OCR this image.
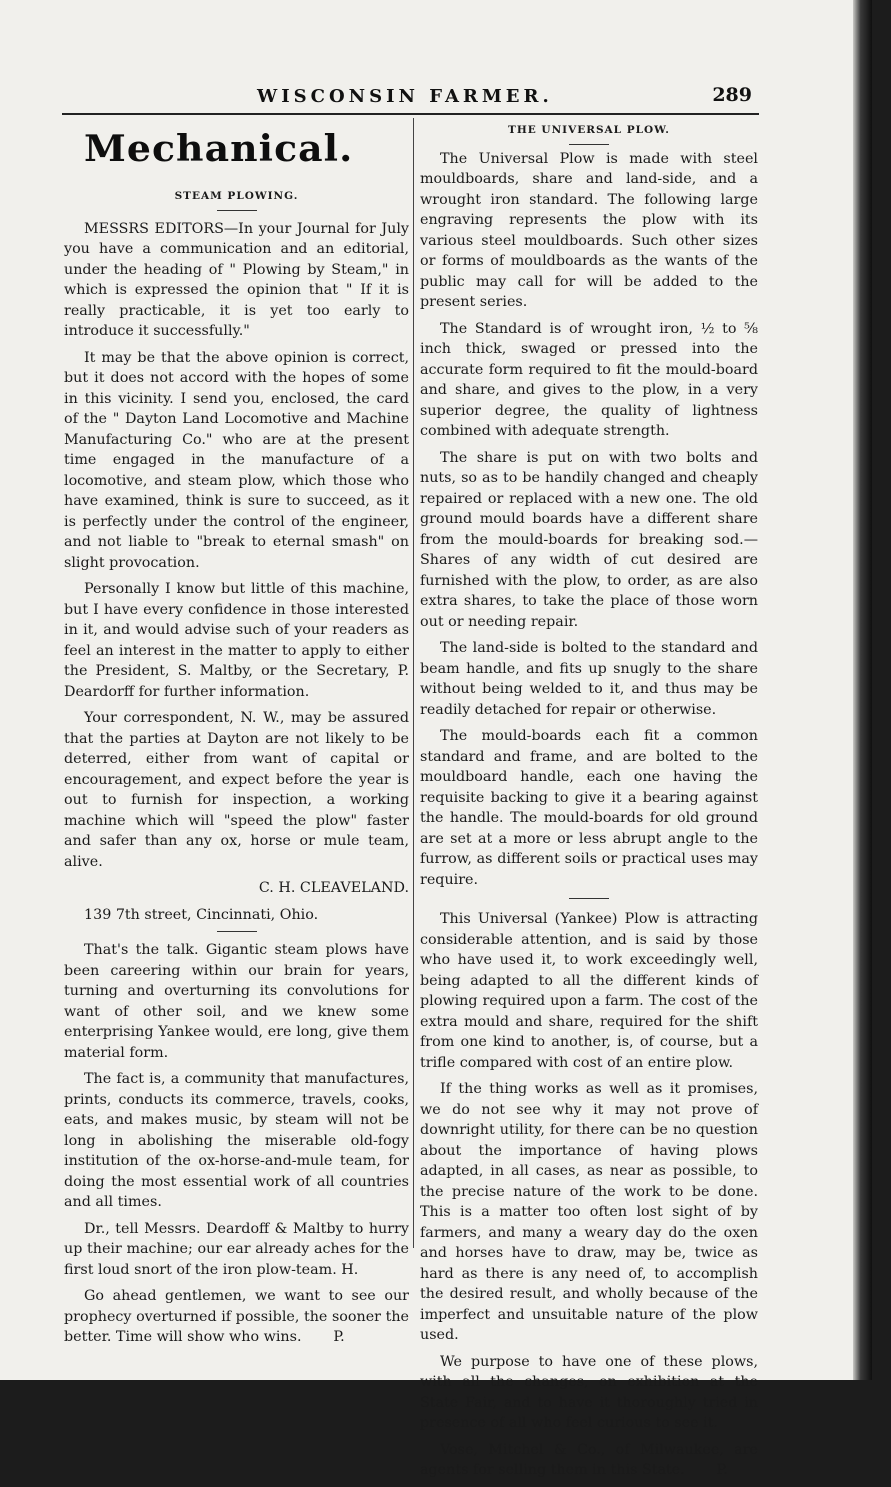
WISCONSIN FARMER.	289
Mechanical.
STEAM PLOWING.

MESSRS EDITORS—In your Journal for July you have a communication and an editorial, under the heading of " Plowing by Steam," in which is expressed the opinion that " If it is really practicable, it is yet too early to introduce it successfully."

It may be that the above opinion is correct, but it does not accord with the hopes of some in this vicinity. I send you, enclosed, the card of the " Dayton Land Locomotive and Machine Manufacturing Co." who are at the present time engaged in the manufacture of a locomotive, and steam plow, which those who have examined, think is sure to succeed, as it is perfectly under the control of the engineer, and not liable to "break to eternal smash" on slight provocation.

Personally I know but little of this machine, but I have every confidence in those interested in it, and would advise such of your readers as feel an interest in the matter to apply to either the President, S. Maltby, or the Secretary, P. Deardorff for further information.

Your correspondent, N. W., may be assured that the parties at Dayton are not likely to be deterred, either from want of capital or encouragement, and expect before the year is out to furnish for inspection, a working machine which will "speed the plow" faster and safer than any ox, horse or mule team, alive.

C. H. CLEAVELAND.

139 7th street, Cincinnati, Ohio.

That's the talk. Gigantic steam plows have been careering within our brain for years, turning and overturning its convolutions for want of other soil, and we knew some enterprising Yankee would, ere long, give them material form.

The fact is, a community that manufactures, prints, conducts its commerce, travels, cooks, eats, and makes music, by steam will not be long in abolishing the miserable old-fogy institution of the ox-horse-and-mule team, for doing the most essential work of all countries and all times.

Dr., tell Messrs. Deardoff & Maltby to hurry up their machine; our ear already aches for the first loud snort of the iron plow-team. H.

Go ahead gentlemen, we want to see our prophecy overturned if possible, the sooner the better. Time will show who wins. P.

THE UNIVERSAL PLOW.

The Universal Plow is made with steel mouldboards, share and land-side, and a wrought iron standard. The following large engraving represents the plow with its various steel mouldboards. Such other sizes or forms of mouldboards as the wants of the public may call for will be added to the present series.

The Standard is of wrought iron, ½ to ⅝ inch thick, swaged or pressed into the accurate form required to fit the mould-board and share, and gives to the plow, in a very superior degree, the quality of lightness combined with adequate strength.

The share is put on with two bolts and nuts, so as to be handily changed and cheaply repaired or replaced with a new one. The old ground mould boards have a different share from the mould-boards for breaking sod.—Shares of any width of cut desired are furnished with the plow, to order, as are also extra shares, to take the place of those worn out or needing repair.

The land-side is bolted to the standard and beam handle, and fits up snugly to the share without being welded to it, and thus may be readily detached for repair or otherwise.

The mould-boards each fit a common standard and frame, and are bolted to the mouldboard handle, each one having the requisite backing to give it a bearing against the handle. The mould-boards for old ground are set at a more or less abrupt angle to the furrow, as different soils or practical uses may require.

This Universal (Yankee) Plow is attracting considerable attention, and is said by those who have used it, to work exceedingly well, being adapted to all the different kinds of plowing required upon a farm. The cost of the extra mould and share, required for the shift from one kind to another, is, of course, but a trifle compared with cost of an entire plow.

If the thing works as well as it promises, we do not see why it may not prove of downright utility, for there can be no question about the importance of having plows adapted, in all cases, as near as possible, to the precise nature of the work to be done. This is a matter too often lost sight of by farmers, and many a weary day do the oxen and horses have to draw, may be, twice as hard as there is any need of, to accomplish the desired result, and wholly because of the imperfect and unsuitable nature of the plow used.

We purpose to have one of these plows, with all the changes, on exhibition at the State Fair, and to have it thoroughly tried in presence of all who feel curious to see it.

Vose, Mitchel & Co., of Milwaukee, are agents for selling them in this State. P.
